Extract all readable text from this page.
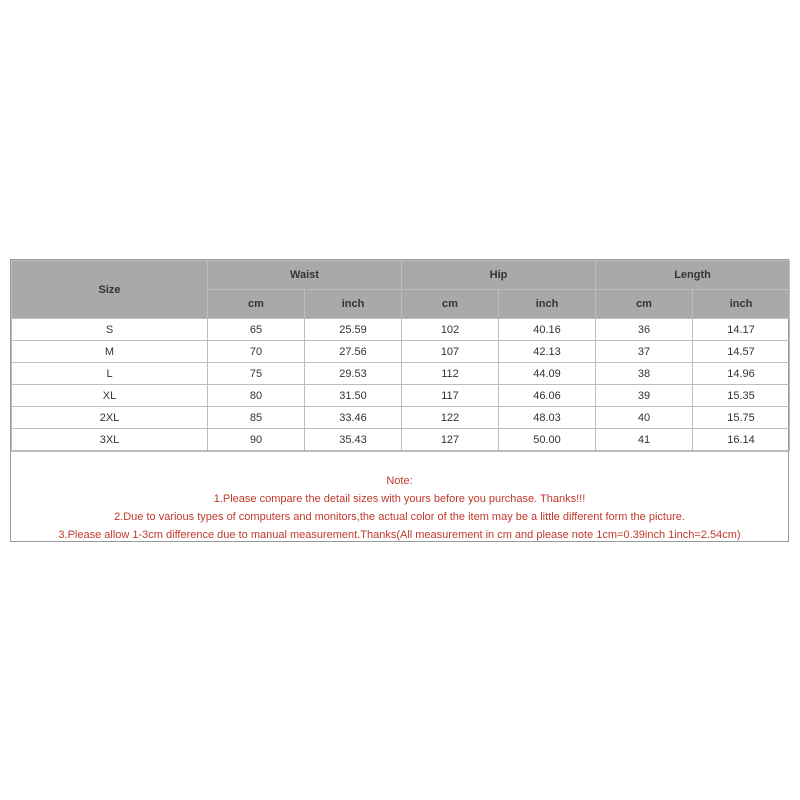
Size	Waist		Hip		Length	
	cm	inch	cm	inch	cm	inch
S	65	25.59	102	40.16	36	14.17
M	70	27.56	107	42.13	37	14.57
L	75	29.53	112	44.09	38	14.96
XL	80	31.50	117	46.06	39	15.35
2XL	85	33.46	122	48.03	40	15.75
3XL	90	35.43	127	50.00	41	16.14
Note:
1.Please compare the detail sizes with yours before you purchase. Thanks!!!
2.Due to various types of computers and monitors,the actual color of the item may be a little different form the picture.
3.Please allow 1-3cm difference due to manual measurement.Thanks(All measurement in cm and please note 1cm=0.39inch 1inch=2.54cm)
